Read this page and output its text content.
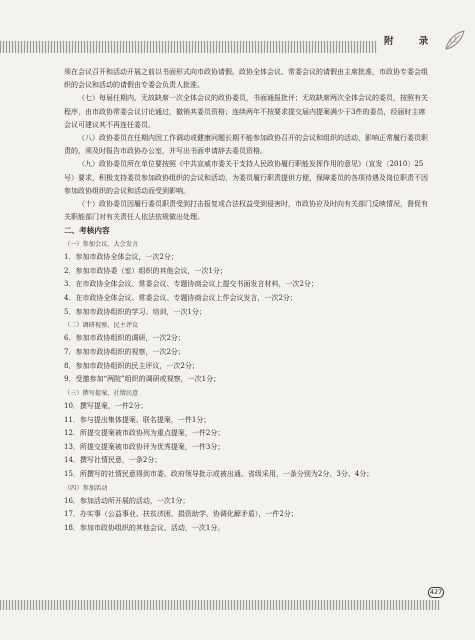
附 录

须在会议召开和活动开展之前以书面形式向市政协请假。政协全体会议、常委会议的请假由主席批准，市政协专委会组织的会议和活动的请假由专委会负责人批准。

（七）每届任期内，无故缺席一次全体会议的政协委员，书面通报批评；无故缺席两次全体会议的委员，按照有关程序，由市政协常委会议讨论通过，撤销其委员资格；连续两年不按要求提交届内提案满少于3件的委员，经届时主席会议可建议其不再连任委员。

（八）政协委员在任期内因工作调动或健康问题长期不能参加政协召开的会议和组织的活动，影响正常履行委员职责的，须及时报告市政协办公室，并写出书面申请辞去委员资格。

（九）政协委员所在单位要按照《中共宣威市委关于支持人民政协履行职能发挥作用的意见》（宣发〔2010〕25号）要求，积极支持委员参加政协组织的会议和活动，为委员履行职责提供方便，保障委员的各项待遇及岗位职责不因参加政协组织的会议和活动而受到影响。

（十）政协委员因履行委员职责受到打击报复或合法权益受到侵害时，市政协应及时向有关部门反映情况，督促有关职能部门对有关责任人依法依规做出处理。

二、考核内容

（一）参加会议、大会发言

1．参加市政协全体会议，一次2分；

2．参加市政协委（室）组织的其他会议，一次1分；

3．在市政协全体会议、常委会议、专题协商会议上提交书面发言材料，一次2分；

4．在市政协全体会议、常委会议、专题协商会议上作会议发言，一次2分；

5．参加市政协组织的学习、培训，一次1分；

（二）调研视察、民主评议

6．参加市政协组织的调研，一次2分；

7．参加市政协组织的视察，一次2分；

8．参加市政协组织的民主评议，一次2分；

9．受邀参加“两院”组织的调研或视察，一次1分；

（三）撰写提案、社情民意

10．撰写提案，一件2分；

11．参与提出集体提案、联名提案，一件1分；

12．所提交提案被市政协列为重点提案，一件2分；

13．所提交提案被市政协评为优秀提案，一件3分；

14．撰写社情民意，一条2分；

15．所撰写的社情民意得到市委、政府领导批示或被出通、省级采用，一条分别为2分、3分、4分；

（四）参加活动

16．参加活动所开展的活动，一次1分；

17．办实事（公益事业、扶贫济困、捐资助学、协调化解矛盾），一件2分；

18．参加市政协组织的其他会议、活动，一次1分。

427
